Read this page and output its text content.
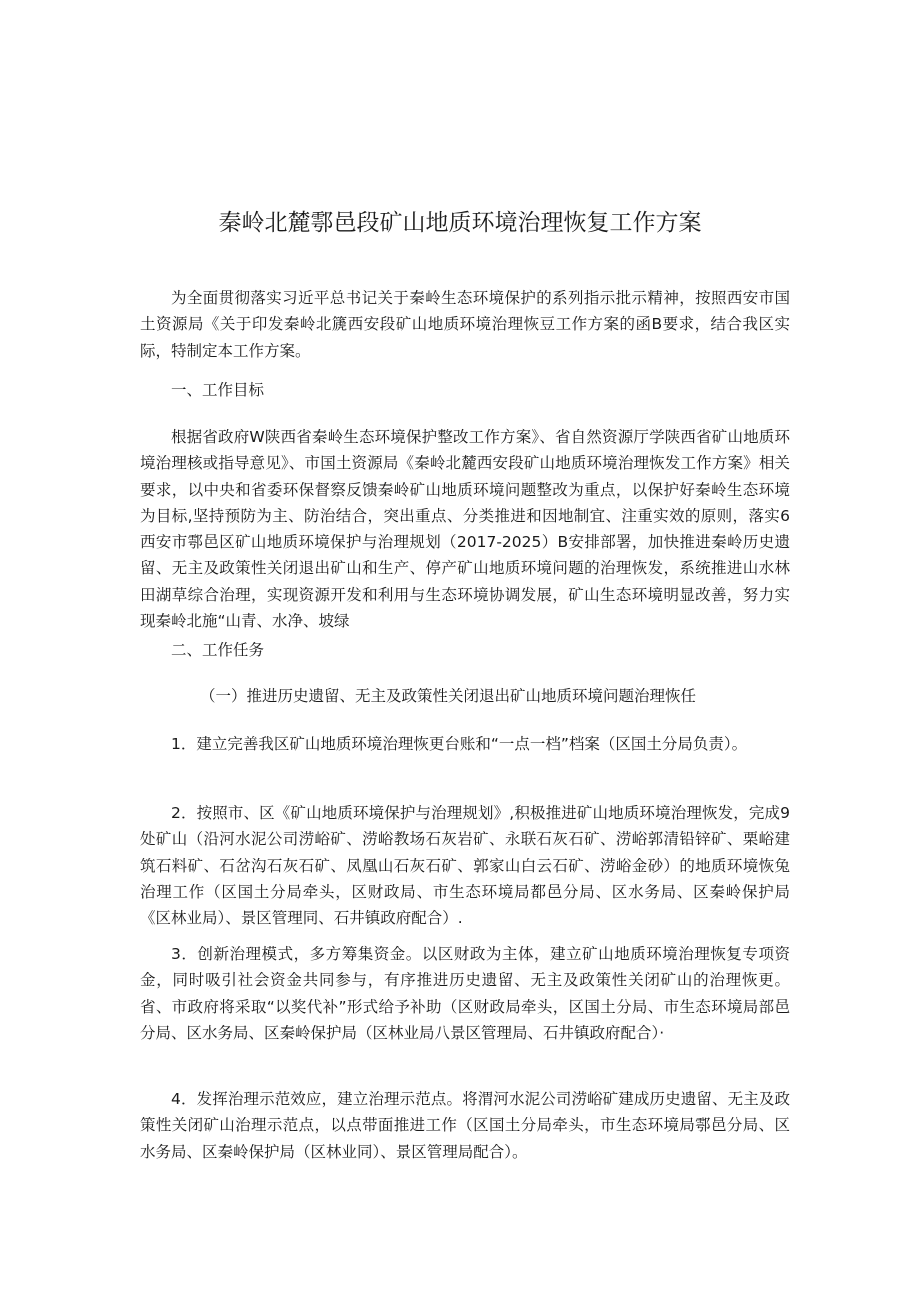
秦岭北麓鄠邑段矿山地质环境治理恢复工作方案

为全面贯彻落实习近平总书记关于秦岭生态环境保护的系列指示批示精神，按照西安市国土资源局《关于印发秦岭北篪西安段矿山地质环境治理恢豆工作方案的函B要求，结合我区实际，特制定本工作方案。

一、工作目标

根据省政府W陕西省秦岭生态环境保护整改工作方案》、省自然资源厅学陕西省矿山地质环境治理核或指导意见》、市国土资源局《秦岭北麓西安段矿山地质环境治理恢发工作方案》相关要求，以中央和省委环保督察反馈秦岭矿山地质环境问题整改为重点，以保护好秦岭生态环境为目标,坚持预防为主、防治结合，突出重点、分类推进和因地制宜、注重实效的原则，落实6西安市鄠邑区矿山地质环境保护与治理规划（2017-2025）B安排部署，加快推进秦岭历史遗留、无主及政策性关闭退出矿山和生产、停产矿山地质环境问题的治理恢发，系统推进山水林田湖草综合治理，实现资源开发和利用与生态环境协调发展，矿山生态环境明显改善，努力实现秦岭北施“山青、水净、坡绿

二、工作任务

（一）推进历史遗留、无主及政策性关闭退出矿山地质环境问题治理恢任

1．建立完善我区矿山地质环境治理恢更台账和“一点一档”档案（区国土分局负责）。

2．按照市、区《矿山地质环境保护与治理规划》,积极推进矿山地质环境治理恢发，完成9处矿山（沿河水泥公司涝峪矿、涝峪教场石灰岩矿、永联石灰石矿、涝峪郭清铅锌矿、栗峪建筑石料矿、石岔沟石灰石矿、凤凰山石灰石矿、郭家山白云石矿、涝峪金砂）的地质环境恢兔治理工作（区国土分局牵头，区财政局、市生态环境局都邑分局、区水务局、区秦岭保护局《区林业局）、景区管理同、石井镇政府配合）.

3．创新治理模式，多方筹集资金。以区财政为主体，建立矿山地质环境治理恢复专项资金，同时吸引社会资金共同参与，有序推进历史遗留、无主及政策性关闭矿山的治理恢更。省、市政府将采取“以奖代补”形式给予补助（区财政局牵头，区国土分局、市生态环境局部邑分局、区水务局、区秦岭保护局（区林业局八景区管理局、石井镇政府配合）·

4．发挥治理示范效应，建立治理示范点。将渭河水泥公司涝峪矿建成历史遗留、无主及政策性关闭矿山治理示范点，以点带面推进工作（区国土分局牵头，市生态环境局鄠邑分局、区水务局、区秦岭保护局（区林业同）、景区管理局配合）。
